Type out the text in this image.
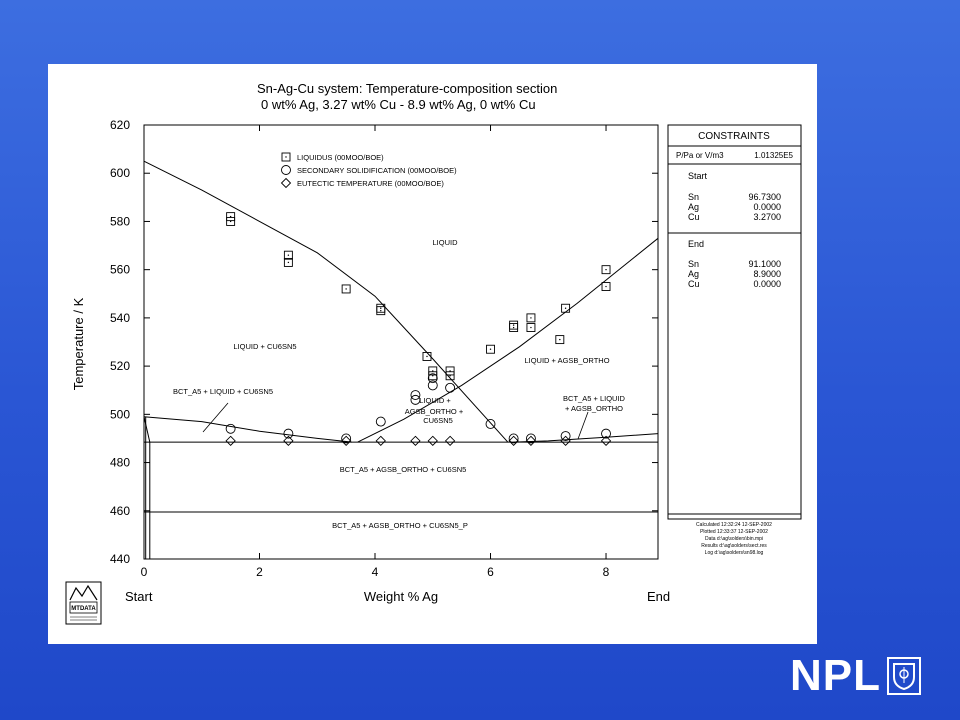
Sn-Ag-Cu system: Temperature-composition section
0 wt% Ag, 3.27 wt% Cu - 8.9 wt% Ag, 0 wt% Cu
Temperature / K
Weight % Ag
Start	End
440
460
480
500
520
540
560
580
600
620
0	2	4	6	8
LIQUID
LIQUID + CU6SN5
LIQUID + AGSB_ORTHO
BCT_A5 + LIQUID + CU6SN5
LIQUID +
AGSB_ORTHO +
CU6SN5
BCT_A5 + LIQUID
+ AGSB_ORTHO
BCT_A5 + AGSB_ORTHO + CU6SN5
BCT_A5 + AGSB_ORTHO + CU6SN5_P
LIQUIDUS (00MOO/BOE)
SECONDARY SOLIDIFICATION (00MOO/BOE)
EUTECTIC TEMPERATURE (00MOO/BOE)
CONSTRAINTS
P/Pa or V/m3	1.01325E5
Start
Sn	96.7300
Ag	0.0000
Cu	3.2700
End
Sn	91.1000
Ag	8.9000
Cu	0.0000
Calculated 12:32:24 12-SEP-2002
Plotted 12:33:37 12-SEP-2002
Data d:\ag\solders\bin.mpi
Results d:\ag\solders\sect.res
Log d:\ag\solders\sn98.log
MTDATA
NPL
